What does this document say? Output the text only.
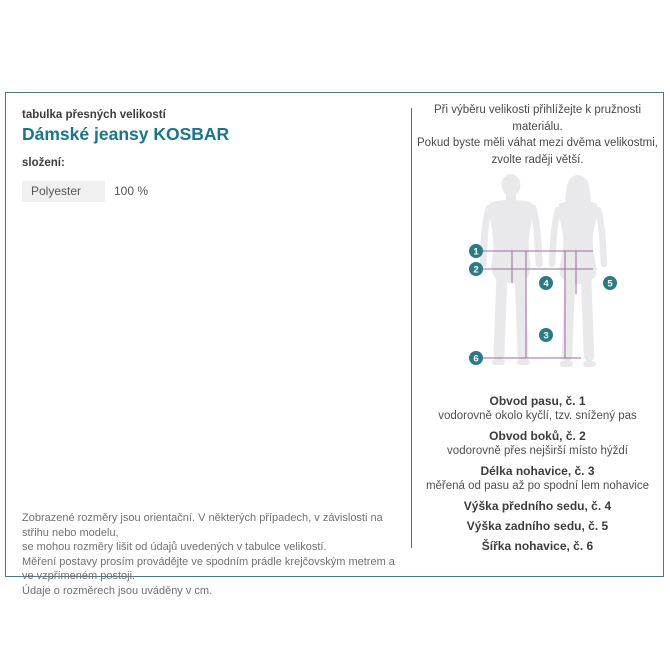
tabulka přesných velikostí
Dámské jeansy KOSBAR
složení:
Polyester	100 %
Zobrazené rozměry jsou orientační. V některých případech, v závislosti na střihu nebo modelu,
se mohou rozměry lišit od údajů uvedených v tabulce velikostí.
Měření postavy prosím provádějte ve spodním prádle krejčovským metrem a ve vzpřímeném postoji.
Údaje o rozměrech jsou uváděny v cm.
Při výběru velikosti přihlížejte k pružnosti materiálu.
Pokud byste měli váhat mezi dvěma velikostmi,
zvolte raději větší.
1
2
3
4	5
6
Obvod pasu, č. 1
vodorovně okolo kyčlí, tzv. snížený pas
Obvod boků, č. 2
vodorovně přes nejširší místo hýždí
Délka nohavice, č. 3
měřená od pasu až po spodní lem nohavice
Výška předního sedu, č. 4
Výška zadního sedu, č. 5
Šířka nohavice, č. 6
